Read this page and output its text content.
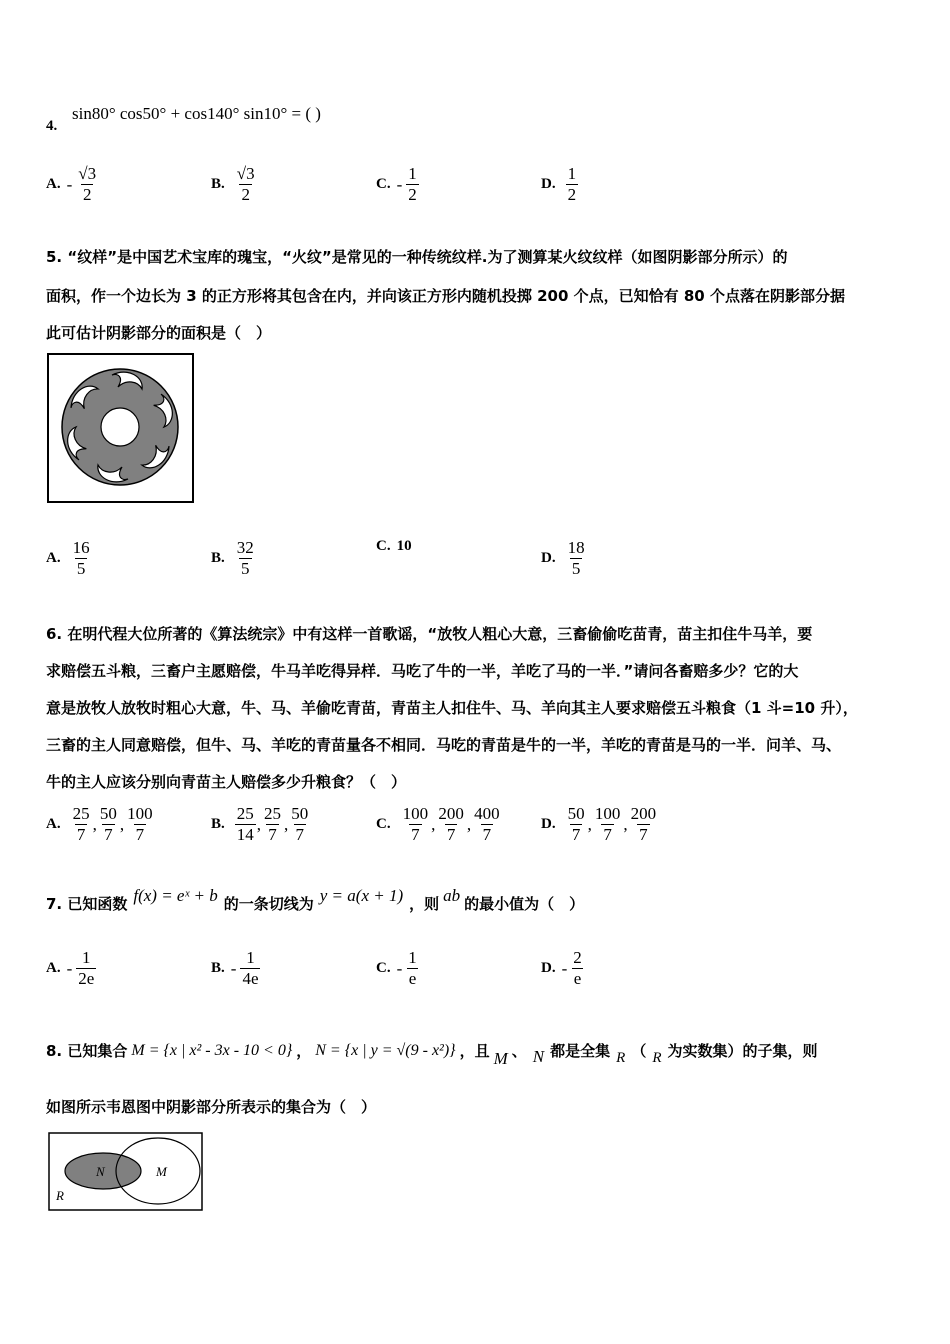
4.
sin80° cos50° + cos140° sin10° = ( )
A. - $\frac{√3}{2}$	B. $\frac{√3}{2}$	C. - $\frac{1}{2}$	D. $\frac{1}{2}$
5. “纹样”是中国艺术宝库的瑰宝，“火纹”是常见的一种传统纹样.为了测算某火纹纹样（如图阴影部分所示）的
面积，作一个边长为 3 的正方形将其包含在内，并向该正方形内随机投掷 200 个点，已知恰有 80 个点落在阴影部分据
此可估计阴影部分的面积是（　）
A. $\frac{16}{5}$	B. $\frac{32}{5}$	C. 10
D. $\frac{18}{5}$
6. 在明代程大位所著的《算法统宗》中有这样一首歌谣，“放牧人粗心大意，三畜偷偷吃苗青，苗主扣住牛马羊，要
求赔偿五斗粮，三畜户主愿赔偿，牛马羊吃得异样．马吃了牛的一半，羊吃了马的一半．”请问各畜赔多少？它的大
意是放牧人放牧时粗心大意，牛、马、羊偷吃青苗，青苗主人扣住牛、马、羊向其主人要求赔偿五斗粮食（1 斗=10 升），
三畜的主人同意赔偿，但牛、马、羊吃的青苗量各不相同．马吃的青苗是牛的一半，羊吃的青苗是马的一半．问羊、马、
牛的主人应该分别向青苗主人赔偿多少升粮食？（　）
A. $\frac{25}{7}$ , $\frac{50}{7}$ , $\frac{100}{7}$	B. $\frac{25}{14}$ , $\frac{25}{7}$ , $\frac{50}{7}$	C. $\frac{100}{7}$ , $\frac{200}{7}$ , $\frac{400}{7}$	D. $\frac{50}{7}$ , $\frac{100}{7}$ , $\frac{200}{7}$
7. 已知函数 f(x) = eˣ + b 的一条切线为 y = a(x + 1) ，则 ab 的最小值为（　）
A. - $\frac{1}{2e}$	B. - $\frac{1}{4e}$	C. - $\frac{1}{e}$	D. - $\frac{2}{e}$
8. 已知集合 M = {x | x² - 3x - 10 < 0} ， N = {x | y = √(9 - x²)} ，且 M 、 N 都是全集 R （ R 为实数集）的子集，则
如图所示韦恩图中阴影部分所表示的集合为（　）
N	M
R
